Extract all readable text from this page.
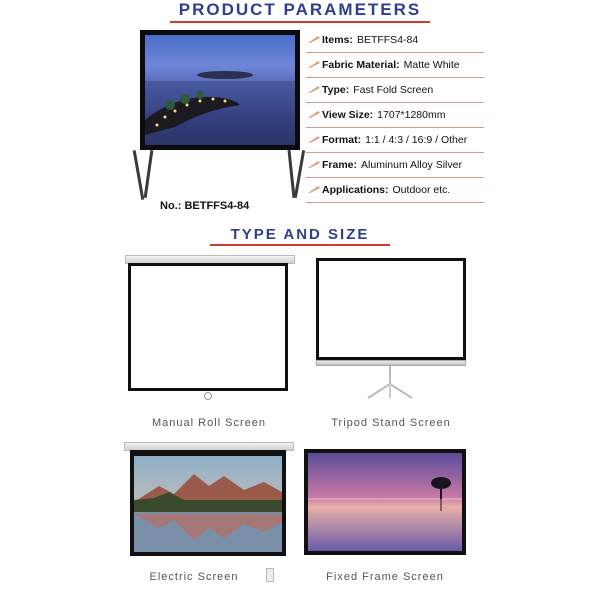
PRODUCT PARAMETERS
No.: BETFFS4-84
Items: BETFFS4-84
Fabric Material: Matte White
Type: Fast Fold Screen
View Size: 1707*1280mm
Format: 1:1 / 4:3 / 16:9 / Other
Frame: Aluminum Alloy Silver
Applications: Outdoor etc.
TYPE AND SIZE
Manual Roll Screen	Tripod Stand Screen
Electric Screen	Fixed Frame Screen
